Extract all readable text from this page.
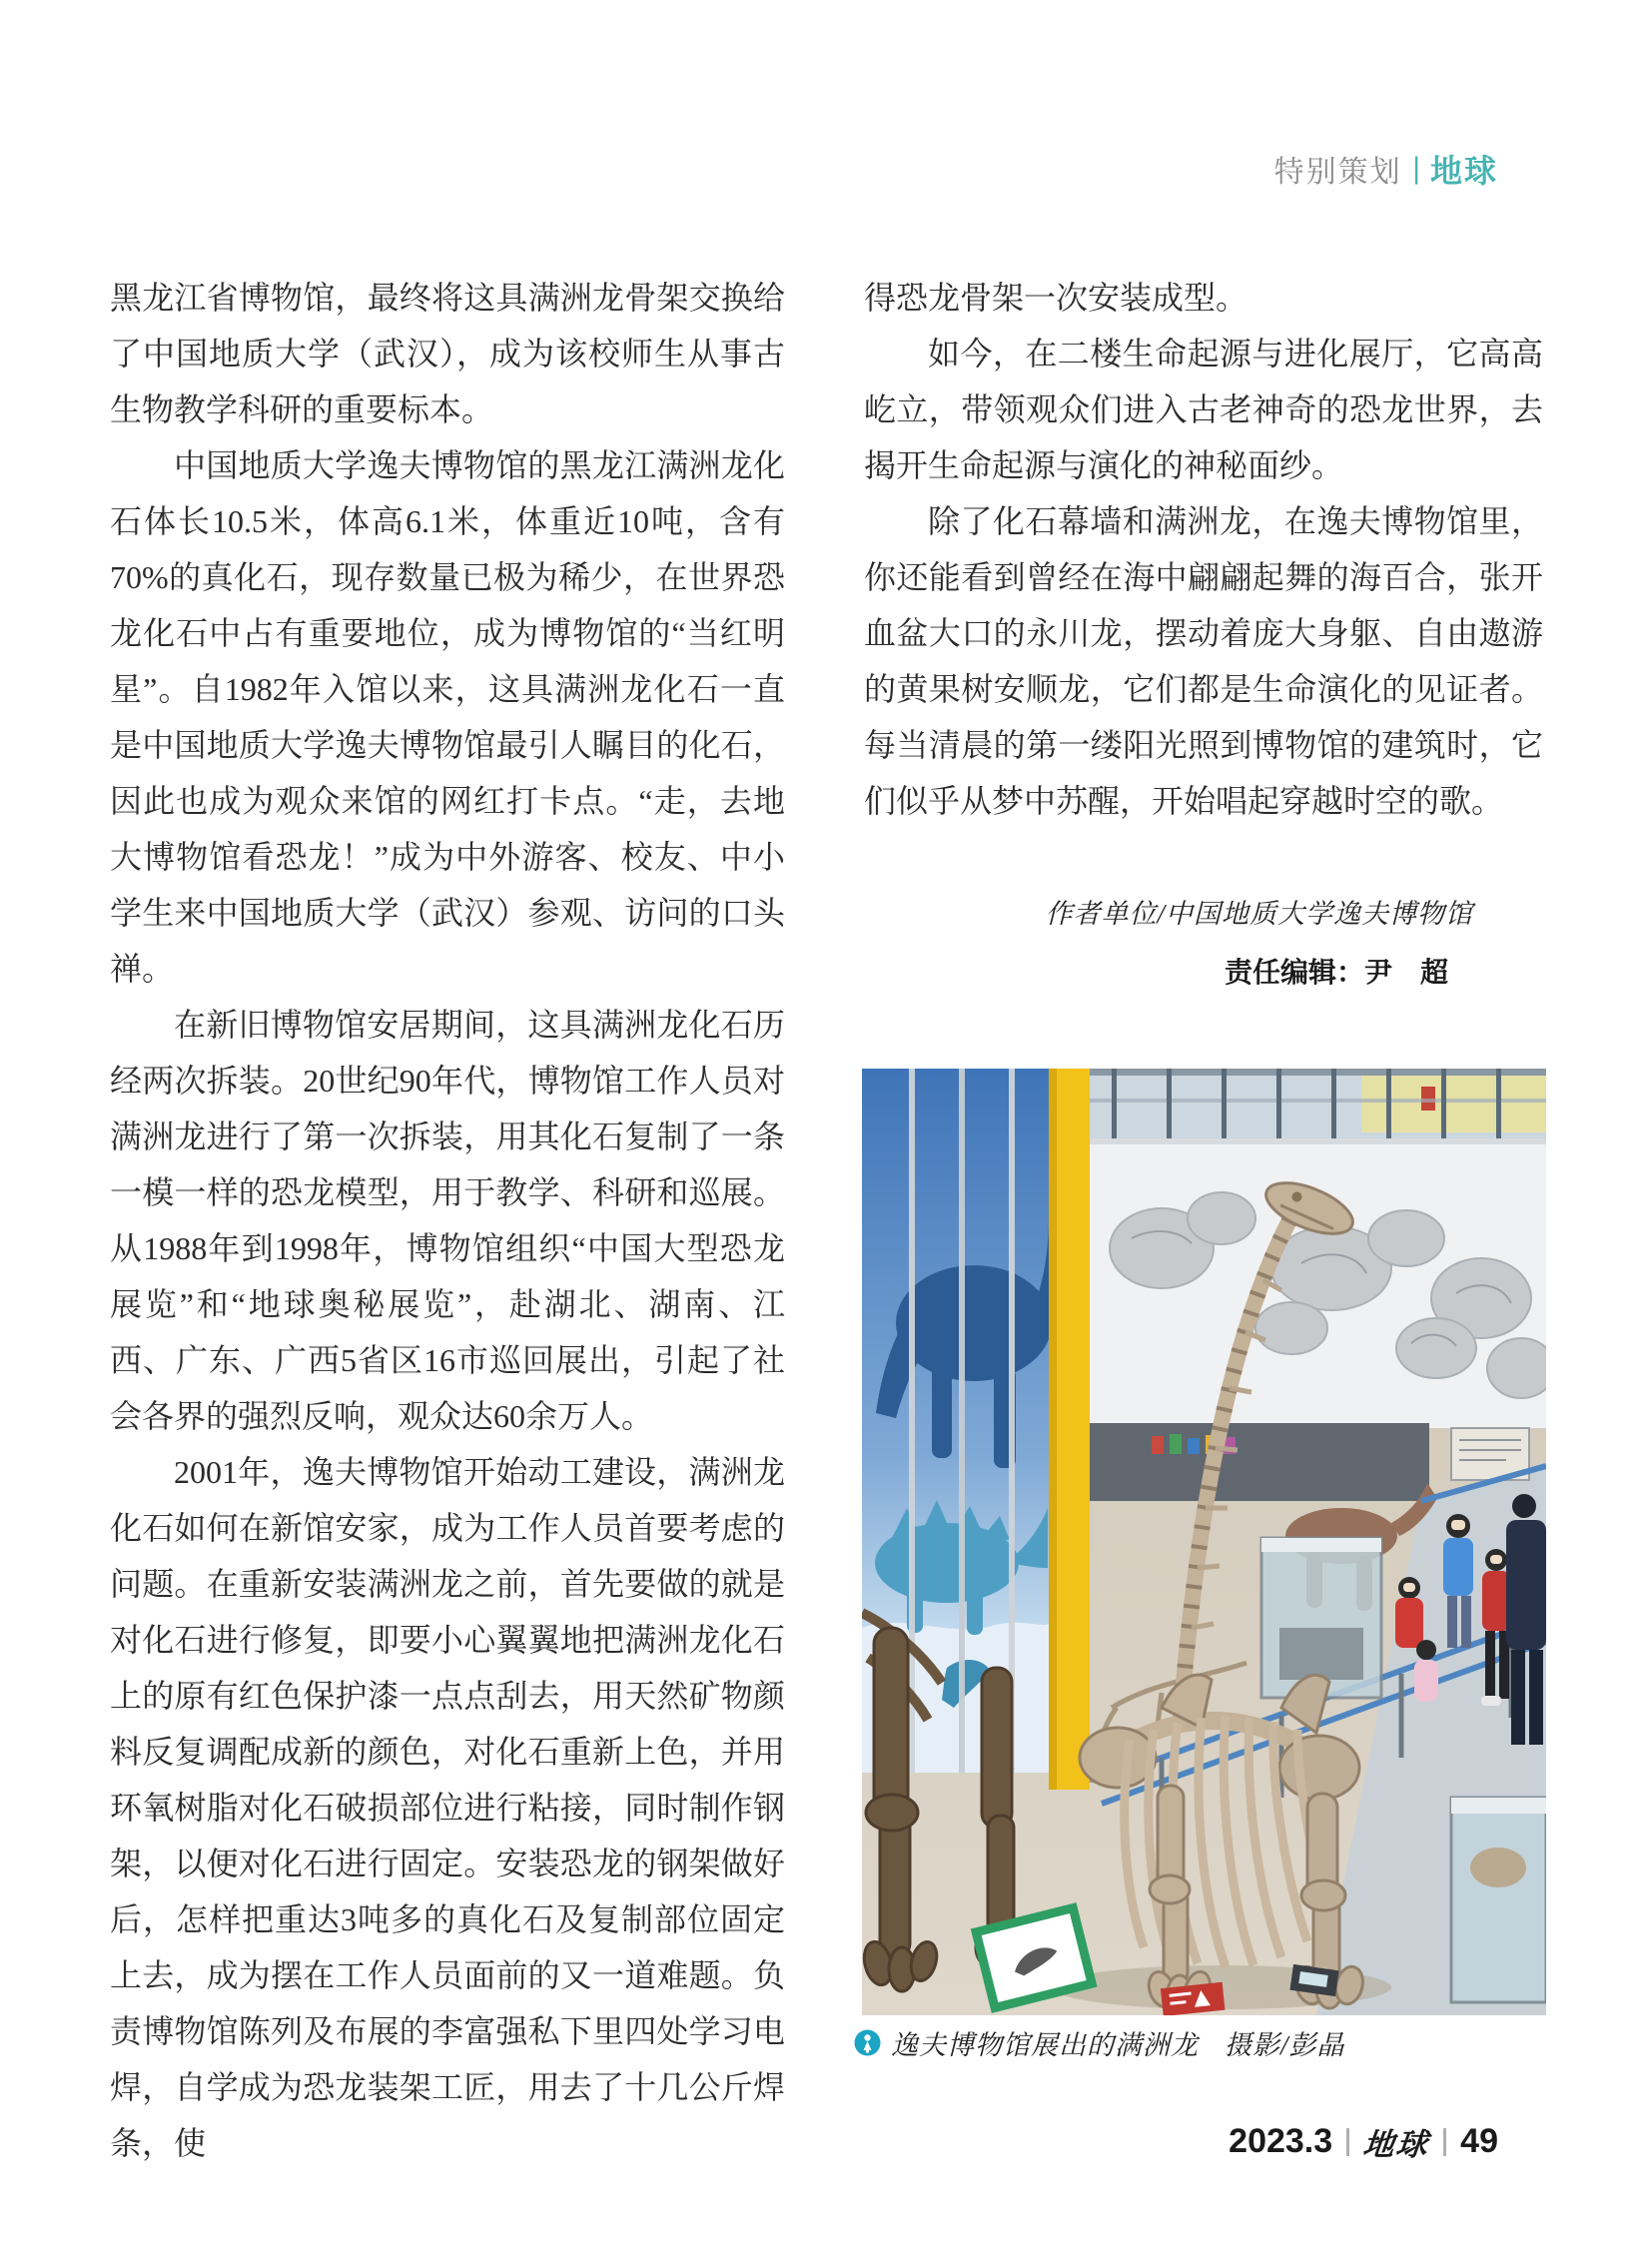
特别策划 | 地球

黑龙江省博物馆，最终将这具满洲龙骨架交换给了中国地质大学（武汉），成为该校师生从事古生物教学科研的重要标本。

中国地质大学逸夫博物馆的黑龙江满洲龙化石体长10.5米，体高6.1米，体重近10吨，含有70%的真化石，现存数量已极为稀少，在世界恐龙化石中占有重要地位，成为博物馆的“当红明星”。自1982年入馆以来，这具满洲龙化石一直是中国地质大学逸夫博物馆最引人瞩目的化石，因此也成为观众来馆的网红打卡点。“走，去地大博物馆看恐龙！”成为中外游客、校友、中小学生来中国地质大学（武汉）参观、访问的口头禅。

在新旧博物馆安居期间，这具满洲龙化石历经两次拆装。20世纪90年代，博物馆工作人员对满洲龙进行了第一次拆装，用其化石复制了一条一模一样的恐龙模型，用于教学、科研和巡展。从1988年到1998年，博物馆组织“中国大型恐龙展览”和“地球奥秘展览”，赴湖北、湖南、江西、广东、广西5省区16市巡回展出，引起了社会各界的强烈反响，观众达60余万人。

2001年，逸夫博物馆开始动工建设，满洲龙化石如何在新馆安家，成为工作人员首要考虑的问题。在重新安装满洲龙之前，首先要做的就是对化石进行修复，即要小心翼翼地把满洲龙化石上的原有红色保护漆一点点刮去，用天然矿物颜料反复调配成新的颜色，对化石重新上色，并用环氧树脂对化石破损部位进行粘接，同时制作钢架，以便对化石进行固定。安装恐龙的钢架做好后，怎样把重达3吨多的真化石及复制部位固定上去，成为摆在工作人员面前的又一道难题。负责博物馆陈列及布展的李富强私下里四处学习电焊，自学成为恐龙装架工匠，用去了十几公斤焊条，使

得恐龙骨架一次安装成型。

如今，在二楼生命起源与进化展厅，它高高屹立，带领观众们进入古老神奇的恐龙世界，去揭开生命起源与演化的神秘面纱。

除了化石幕墙和满洲龙，在逸夫博物馆里，你还能看到曾经在海中翩翩起舞的海百合，张开血盆大口的永川龙，摆动着庞大身躯、自由遨游的黄果树安顺龙，它们都是生命演化的见证者。每当清晨的第一缕阳光照到博物馆的建筑时，它们似乎从梦中苏醒，开始唱起穿越时空的歌。

作者单位/中国地质大学逸夫博物馆
责任编辑：尹　超
逸夫博物馆展出的满洲龙 摄影/彭晶
2023.3 地球 49
